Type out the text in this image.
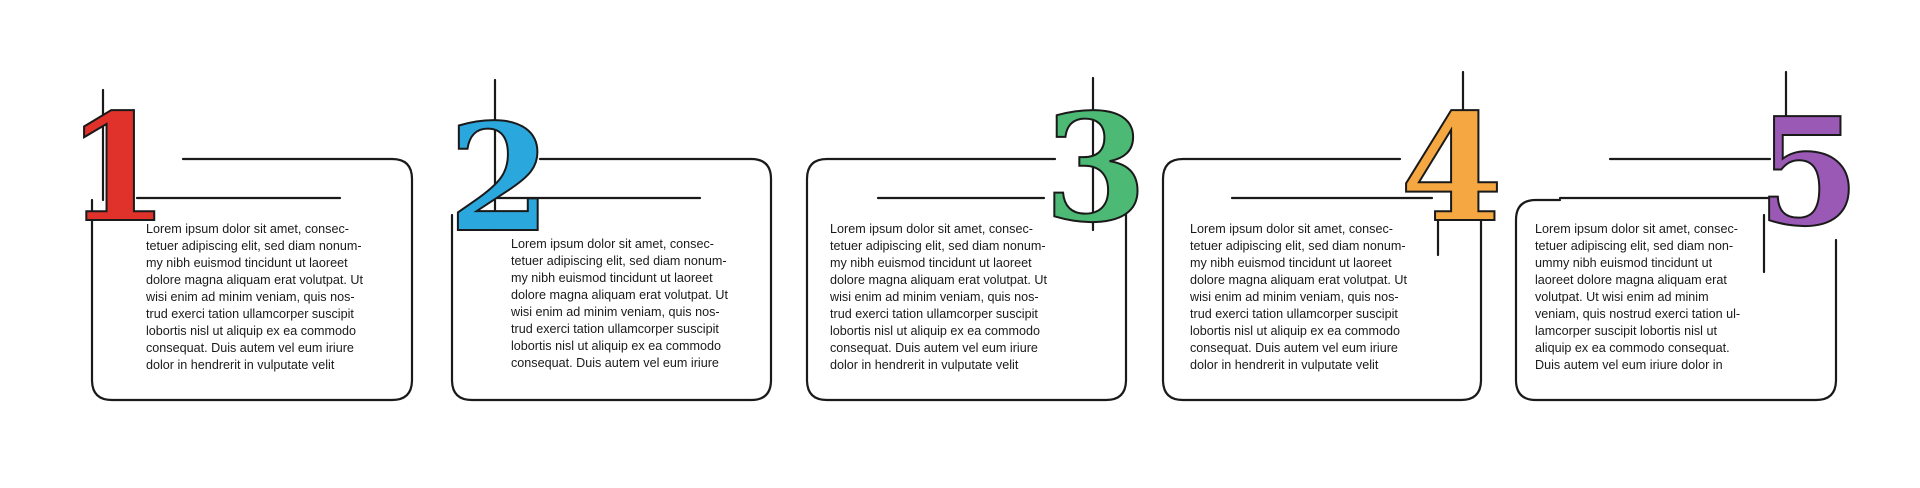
1 2	3 4 5

Lorem ipsum dolor sit amet, consec-
tetuer adipiscing elit, sed diam nonum-
my nibh euismod tincidunt ut laoreet
dolore magna aliquam erat volutpat. Ut
wisi enim ad minim veniam, quis nos-
trud exerci tation ullamcorper suscipit
lobortis nisl ut aliquip ex ea commodo
consequat. Duis autem vel eum iriure
dolor in hendrerit in vulputate velit

Lorem ipsum dolor sit amet, consec-
tetuer adipiscing elit, sed diam nonum-
my nibh euismod tincidunt ut laoreet
dolore magna aliquam erat volutpat. Ut
wisi enim ad minim veniam, quis nos-
trud exerci tation ullamcorper suscipit
lobortis nisl ut aliquip ex ea commodo
consequat. Duis autem vel eum iriure

Lorem ipsum dolor sit amet, consec-
tetuer adipiscing elit, sed diam nonum-
my nibh euismod tincidunt ut laoreet
dolore magna aliquam erat volutpat. Ut
wisi enim ad minim veniam, quis nos-
trud exerci tation ullamcorper suscipit
lobortis nisl ut aliquip ex ea commodo
consequat. Duis autem vel eum iriure
dolor in hendrerit in vulputate velit

Lorem ipsum dolor sit amet, consec-
tetuer adipiscing elit, sed diam nonum-
my nibh euismod tincidunt ut laoreet
dolore magna aliquam erat volutpat. Ut
wisi enim ad minim veniam, quis nos-
trud exerci tation ullamcorper suscipit
lobortis nisl ut aliquip ex ea commodo
consequat. Duis autem vel eum iriure
dolor in hendrerit in vulputate velit

Lorem ipsum dolor sit amet, consec-
tetuer adipiscing elit, sed diam non-
ummy nibh euismod tincidunt ut
laoreet dolore magna aliquam erat
volutpat. Ut wisi enim ad minim
veniam, quis nostrud exerci tation ul-
lamcorper suscipit lobortis nisl ut
aliquip ex ea commodo consequat.
Duis autem vel eum iriure dolor in
